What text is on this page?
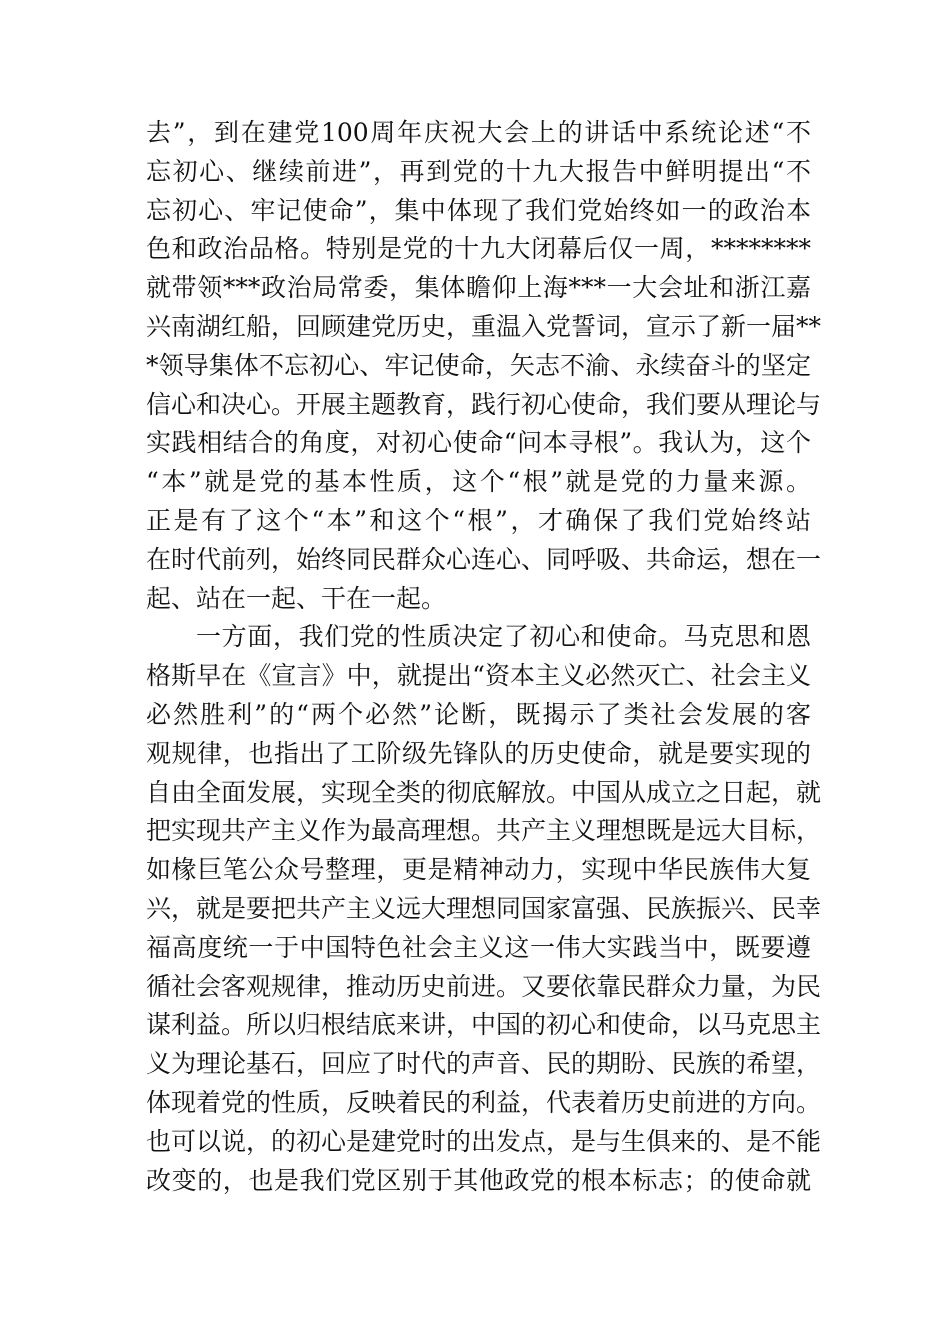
去”，到在建党100周年庆祝大会上的讲话中系统论述“不
忘初心、继续前进”，再到党的十九大报告中鲜明提出“不
忘初心、牢记使命”，集中体现了我们党始终如一的政治本
色和政治品格。特别是党的十九大闭幕后仅一周，********
就带领***政治局常委，集体瞻仰上海***一大会址和浙江嘉
兴南湖红船，回顾建党历史，重温入党誓词，宣示了新一届**
*领导集体不忘初心、牢记使命，矢志不渝、永续奋斗的坚定
信心和决心。开展主题教育，践行初心使命，我们要从理论与
实践相结合的角度，对初心使命“问本寻根”。我认为，这个
“本”就是党的基本性质，这个“根”就是党的力量来源。
正是有了这个“本”和这个“根”，才确保了我们党始终站
在时代前列，始终同民群众心连心、同呼吸、共命运，想在一
起、站在一起、干在一起。
一方面，我们党的性质决定了初心和使命。马克思和恩
格斯早在《宣言》中，就提出“资本主义必然灭亡、社会主义
必然胜利”的“两个必然”论断，既揭示了类社会发展的客
观规律，也指出了工阶级先锋队的历史使命，就是要实现的
自由全面发展，实现全类的彻底解放。中国从成立之日起，就
把实现共产主义作为最高理想。共产主义理想既是远大目标，
如椽巨笔公众号整理，更是精神动力，实现中华民族伟大复
兴，就是要把共产主义远大理想同国家富强、民族振兴、民幸
福高度统一于中国特色社会主义这一伟大实践当中，既要遵
循社会客观规律，推动历史前进。又要依靠民群众力量，为民
谋利益。所以归根结底来讲，中国的初心和使命，以马克思主
义为理论基石，回应了时代的声音、民的期盼、民族的希望，
体现着党的性质，反映着民的利益，代表着历史前进的方向。
也可以说，的初心是建党时的出发点，是与生俱来的、是不能
改变的，也是我们党区别于其他政党的根本标志；的使命就
